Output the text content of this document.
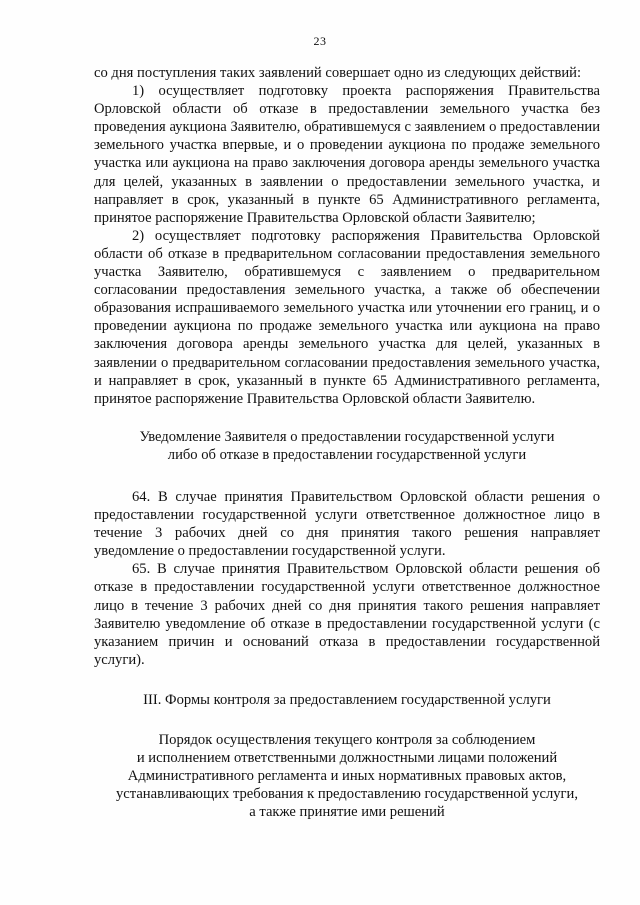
23

со дня поступления таких заявлений совершает одно из следующих действий:

1) осуществляет подготовку проекта распоряжения Правительства Орловской области об отказе в предоставлении земельного участка без проведения аукциона Заявителю, обратившемуся с заявлением о предоставлении земельного участка впервые, и о проведении аукциона по продаже земельного участка или аукциона на право заключения договора аренды земельного участка для целей, указанных в заявлении о предоставлении земельного участка, и направляет в срок, указанный в пункте 65 Административного регламента, принятое распоряжение Правительства Орловской области Заявителю;

2) осуществляет подготовку распоряжения Правительства Орловской области об отказе в предварительном согласовании предоставления земельного участка Заявителю, обратившемуся с заявлением о предварительном согласовании предоставления земельного участка, а также об обеспечении образования испрашиваемого земельного участка или уточнении его границ, и о проведении аукциона по продаже земельного участка или аукциона на право заключения договора аренды земельного участка для целей, указанных в заявлении о предварительном согласовании предоставления земельного участка, и направляет в срок, указанный в пункте 65 Административного регламента, принятое распоряжение Правительства Орловской области Заявителю.

Уведомление Заявителя о предоставлении государственной услуги

либо об отказе в предоставлении государственной услуги

64. В случае принятия Правительством Орловской области решения о предоставлении государственной услуги ответственное должностное лицо в течение 3 рабочих дней со дня принятия такого решения направляет уведомление о предоставлении государственной услуги.

65. В случае принятия Правительством Орловской области решения об отказе в предоставлении государственной услуги ответственное должностное лицо в течение 3 рабочих дней со дня принятия такого решения направляет Заявителю уведомление об отказе в предоставлении государственной услуги (с указанием причин и оснований отказа в предоставлении государственной услуги).

III. Формы контроля за предоставлением государственной услуги

Порядок осуществления текущего контроля за соблюдением

и исполнением ответственными должностными лицами положений

Административного регламента и иных нормативных правовых актов,

устанавливающих требования к предоставлению государственной услуги,

а также принятие ими решений
